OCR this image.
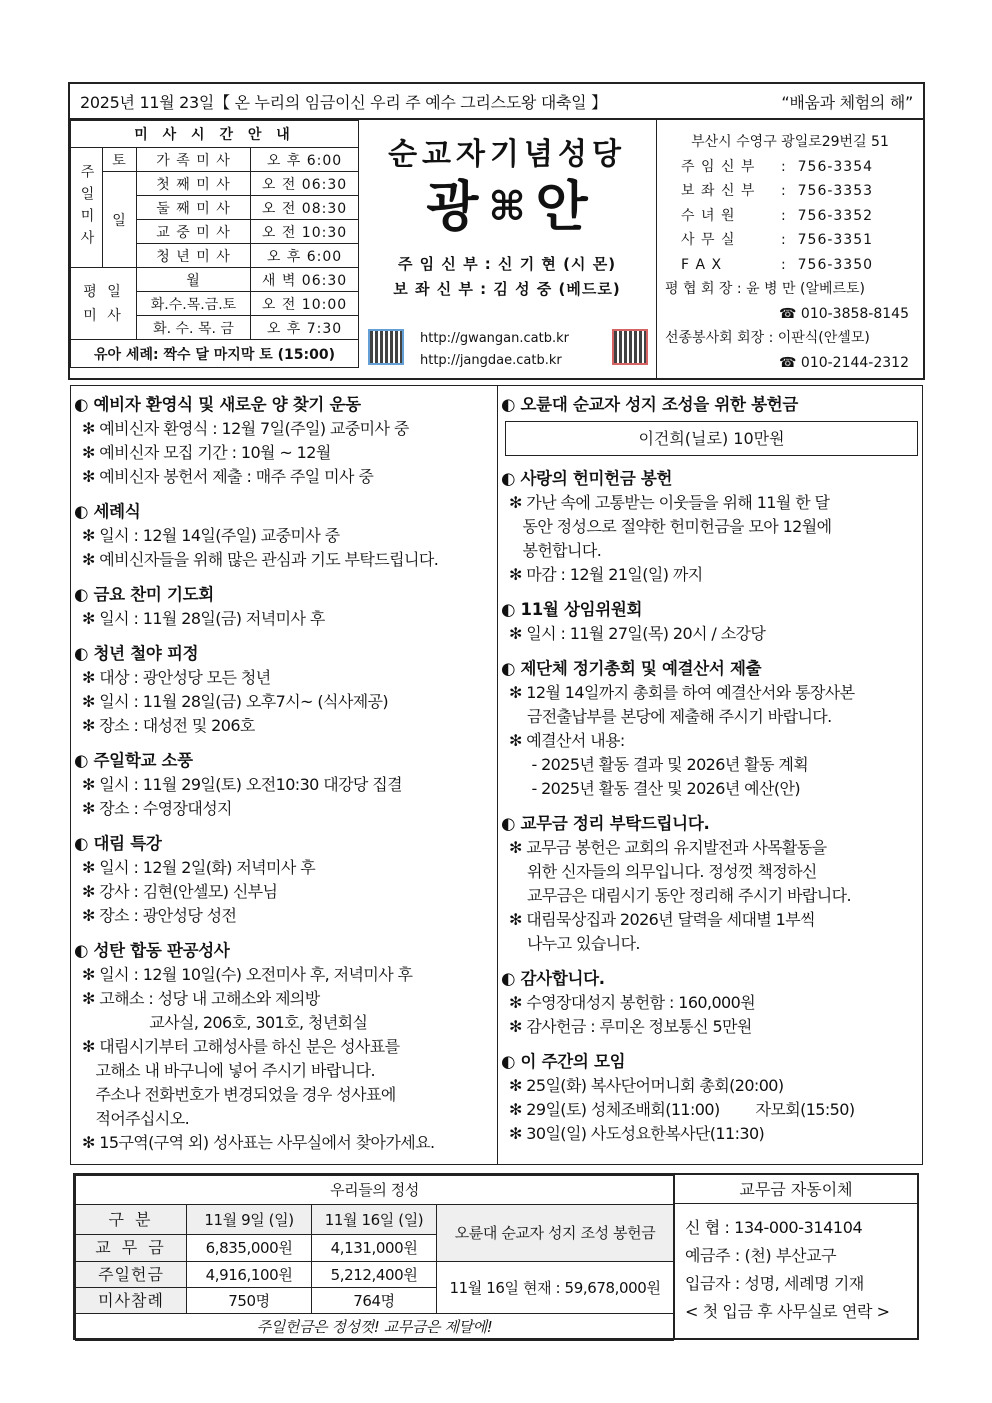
2025년 11월 23일【 온 누리의 임금이신 우리 주 예수 그리스도왕 대축일 】	“배움과 체험의 해”
미 사 시 간 안 내			
주일미사	토	가 족 미 사	오 후 6:00
	일	첫 째 미 사	오 전 06:30
		둘 째 미 사	오 전 08:30
		교 중 미 사	오 전 10:30
		청 년 미 사	오 후 6:00
평 일 미 사		월	새 벽 06:30
		화.수.목.금.토	오 전 10:00
		화. 수. 목. 금	오 후 7:30
유아 세례: 짝수 달 마지막 토 (15:00)			
순교자기념성당
광 ⌘ 안
주 임 신 부 : 신 기 현 (시 몬)
보 좌 신 부 : 김 성 중 (베드로)
http://gwangan.catb.kr
http://jangdae.catb.kr
부산시 수영구 광일로29번길 51
주 임 신 부	: 756-3354
보 좌 신 부	: 756-3353
수 녀 원	: 756-3352
사 무 실	: 756-3351
F A X	: 756-3350
평 협 회 장 : 윤 병 만 (알베르토)
☎ 010-3858-8145
선종봉사회 회장 : 이판식(안셀모)
☎ 010-2144-2312
◐ 예비자 환영식 및 새로운 양 찾기 운동
✻ 예비신자 환영식 : 12월 7일(주일) 교중미사 중
✻ 예비신자 모집 기간 : 10월 ~ 12월
✻ 예비신자 봉헌서 제출 : 매주 주일 미사 중
◐ 세례식
✻ 일시 : 12월 14일(주일) 교중미사 중
✻ 예비신자들을 위해 많은 관심과 기도 부탁드립니다.
◐ 금요 찬미 기도회
✻ 일시 : 11월 28일(금) 저녁미사 후
◐ 청년 철야 피정
✻ 대상 : 광안성당 모든 청년
✻ 일시 : 11월 28일(금) 오후7시~ (식사제공)
✻ 장소 : 대성전 및 206호
◐ 주일학교 소풍
✻ 일시 : 11월 29일(토) 오전10:30 대강당 집결
✻ 장소 : 수영장대성지
◐ 대림 특강
✻ 일시 : 12월 2일(화) 저녁미사 후
✻ 강사 : 김현(안셀모) 신부님
✻ 장소 : 광안성당 성전
◐ 성탄 합동 판공성사
✻ 일시 : 12월 10일(수) 오전미사 후, 저녁미사 후
✻ 고해소 : 성당 내 고해소와 제의방
교사실, 206호, 301호, 청년회실
✻ 대림시기부터 고해성사를 하신 분은 성사표를
고해소 내 바구니에 넣어 주시기 바랍니다.
주소나 전화번호가 변경되었을 경우 성사표에
적어주십시오.
✻ 15구역(구역 외) 성사표는 사무실에서 찾아가세요.
◐ 오륜대 순교자 성지 조성을 위한 봉헌금
이건희(닐로) 10만원
◐ 사랑의 헌미헌금 봉헌
✻ 가난 속에 고통받는 이웃들을 위해 11월 한 달
동안 정성으로 절약한 헌미헌금을 모아 12월에
봉헌합니다.
✻ 마감 : 12월 21일(일) 까지
◐ 11월 상임위원회
✻ 일시 : 11월 27일(목) 20시 / 소강당
◐ 제단체 정기총회 및 예결산서 제출
✻ 12월 14일까지 총회를 하여 예결산서와 통장사본
금전출납부를 본당에 제출해 주시기 바랍니다.
✻ 예결산서 내용:
- 2025년 활동 결과 및 2026년 활동 계획
- 2025년 활동 결산 및 2026년 예산(안)
◐ 교무금 정리 부탁드립니다.
✻ 교무금 봉헌은 교회의 유지발전과 사목활동을
위한 신자들의 의무입니다. 정성껏 책정하신
교무금은 대림시기 동안 정리해 주시기 바랍니다.
✻ 대림묵상집과 2026년 달력을 세대별 1부씩
나누고 있습니다.
◐ 감사합니다.
✻ 수영장대성지 봉헌함 : 160,000원
✻ 감사헌금 : 루미온 정보통신 5만원
◐ 이 주간의 모임
✻ 25일(화) 복사단어머니회 총회(20:00)
✻ 29일(토) 성체조배회(11:00)        자모회(15:50)
✻ 30일(일) 사도성요한복사단(11:30)
우리들의 정성			
구 분	11월 9일 (일)	11월 16일 (일)	오륜대 순교자 성지 조성 봉헌금
교 무 금	6,835,000원	4,131,000원	
주일헌금	4,916,100원	5,212,400원	11월 16일 현재 : 59,678,000원
미사참례	750명	764명	
주일헌금은 정성껏! 교무금은 제달에!			
교무금 자동이체
신 협 : 134-000-314104
예금주 : (천) 부산교구
입금자 : 성명, 세례명 기재
< 첫 입금 후 사무실로 연락 >
